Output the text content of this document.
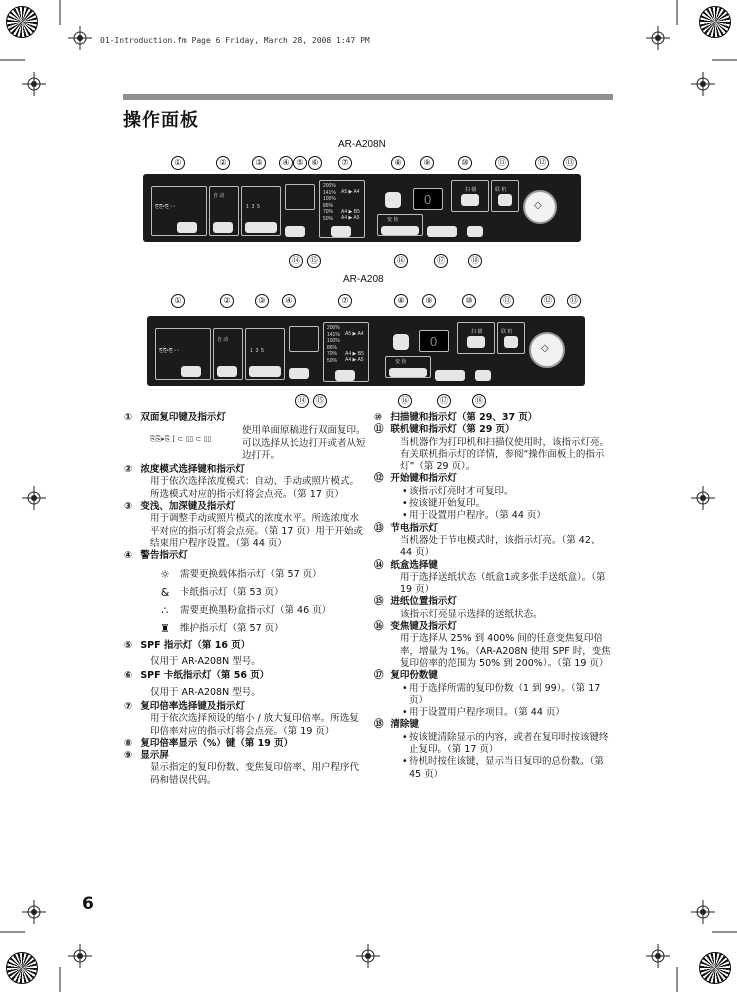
01-Introduction.fm Page 6 Friday, March 28, 2008 1:47 PM
操作面板
AR-A208N
①	②	③	④ ⑤ ⑥	⑦	⑧	⑨	⑩	⑪	⑫	⑬
⎘⎘▸⎘ ▫ ▫
自 动
1 3 5
200%
141%
100%
86%
70%
50%
A5 ▶ A4

A4 ▶ B5
A4 ▶ A5
0
变 焦
扫 描	联 机
◇
⑭	⑮	⑯	⑰	⑱
AR-A208
①	②	③	④	⑦	⑧	⑨	⑩	⑪	⑫	⑬
⎘⎘▸⎘ ▫ ▫
自 动
1 3 5
200%
141%
100%
86%
70%
50%
A5 ▶ A4

A4 ▶ B5
A4 ▶ A5
0
变 焦
扫 描	联 机
◇
⑭	⑮	⑯	⑰	⑱
① 双面复印键及指示灯
⎘⎘▸⎘ [ ⊂ ▯▯ ⊂ ▯▯
使用单面原稿进行双面复印。
可以选择从长边打开或者从短边打开。
② 浓度模式选择键和指示灯
用于依次选择浓度模式：自动、手动或照片模式。所选模式对应的指示灯将会点亮。（第 17 页）
③ 变浅、加深键及指示灯
用于调整手动或照片模式的浓度水平。所选浓度水平对应的指示灯将会点亮。（第 17 页）用于开始或结束用户程序设置。（第 44 页）
④ 警告指示灯
☼	需要更换载体指示灯（第 57 页）
&	卡纸指示灯（第 53 页）
∴	需要更换墨粉盒指示灯（第 46 页）
♜	维护指示灯（第 57 页）
⑤ SPF 指示灯（第 16 页）
仅用于 AR-A208N 型号。
⑥ SPF 卡纸指示灯（第 56 页）
仅用于 AR-A208N 型号。
⑦ 复印倍率选择键及指示灯
用于依次选择预设的缩小 / 放大复印倍率。所选复印倍率对应的指示灯将会点亮。（第 19 页）
⑧ 复印倍率显示（%）键（第 19 页）
⑨ 显示屏
显示指定的复印份数、变焦复印倍率、用户程序代码和错误代码。
⑩ 扫描键和指示灯（第 29、37 页）
⑪ 联机键和指示灯（第 29 页）
当机器作为打印机和扫描仪使用时，该指示灯亮。有关联机指示灯的详情，参阅“操作面板上的指示灯”（第 29 页）。
⑫ 开始键和指示灯
• 该指示灯亮时才可复印。
• 按该键开始复印。
• 用于设置用户程序。（第 44 页）
⑬ 节电指示灯
当机器处于节电模式时，该指示灯亮。（第 42、44 页）
⑭ 纸盒选择键
用于选择送纸状态（纸盒1或多张手送纸盒）。（第 19 页）
⑮ 进纸位置指示灯
该指示灯亮显示选择的送纸状态。
⑯ 变焦键及指示灯
用于选择从 25% 到 400% 间的任意变焦复印倍率，增量为 1%。（AR-A208N 使用 SPF 时，变焦复印倍率的范围为 50% 到 200%）。（第 19 页）
⑰ 复印份数键
• 用于选择所需的复印份数（1 到 99）。（第 17 页）
• 用于设置用户程序项目。（第 44 页）
⑱ 清除键
• 按该键清除显示的内容，或者在复印时按该键终止复印。（第 17 页）
• 待机时按住该键，显示当日复印的总份数。（第 45 页）
6
